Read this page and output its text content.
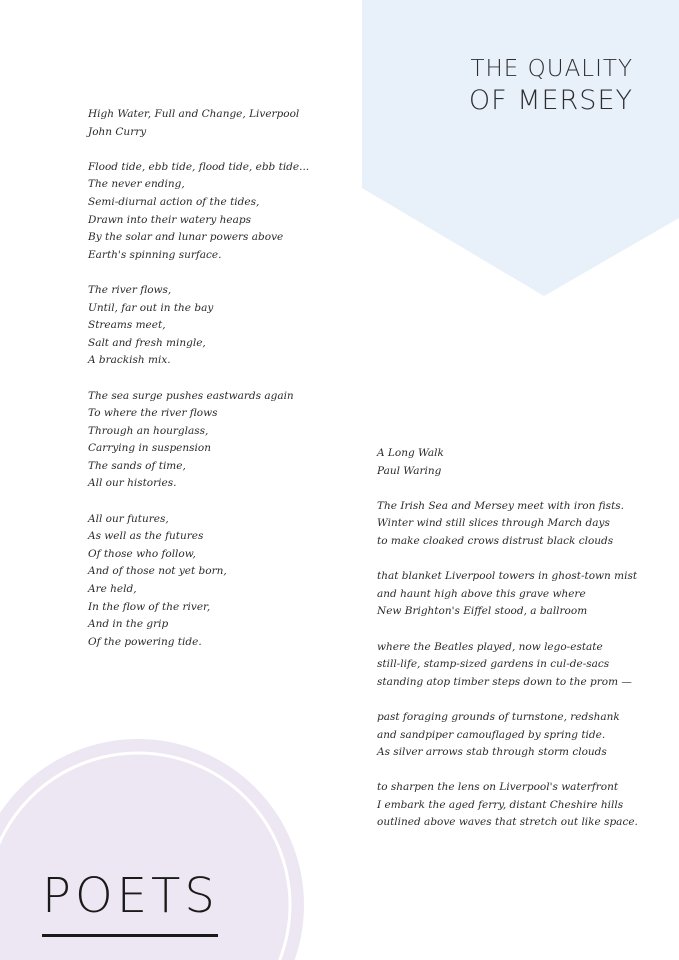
THE QUALITY
OF MERSEY
High Water, Full and Change, Liverpool
John Curry
Flood tide, ebb tide, flood tide, ebb tide...
The never ending,
Semi-diurnal action of the tides,
Drawn into their watery heaps
By the solar and lunar powers above
Earth's spinning surface.
The river flows,
Until, far out in the bay
Streams meet,
Salt and fresh mingle,
A brackish mix.
The sea surge pushes eastwards again
To where the river flows
Through an hourglass,
Carrying in suspension
The sands of time,
All our histories.
All our futures,
As well as the futures
Of those who follow,
And of those not yet born,
Are held,
In the flow of the river,
And in the grip
Of the powering tide.
A Long Walk
Paul Waring
The Irish Sea and Mersey meet with iron fists.
Winter wind still slices through March days
to make cloaked crows distrust black clouds
that blanket Liverpool towers in ghost-town mist
and haunt high above this grave where
New Brighton's Eiffel stood, a ballroom
where the Beatles played, now lego-estate
still-life, stamp-sized gardens in cul-de-sacs
standing atop timber steps down to the prom —
past foraging grounds of turnstone, redshank
and sandpiper camouflaged by spring tide.
As silver arrows stab through storm clouds
to sharpen the lens on Liverpool's waterfront
I embark the aged ferry, distant Cheshire hills
outlined above waves that stretch out like space.
POETS
